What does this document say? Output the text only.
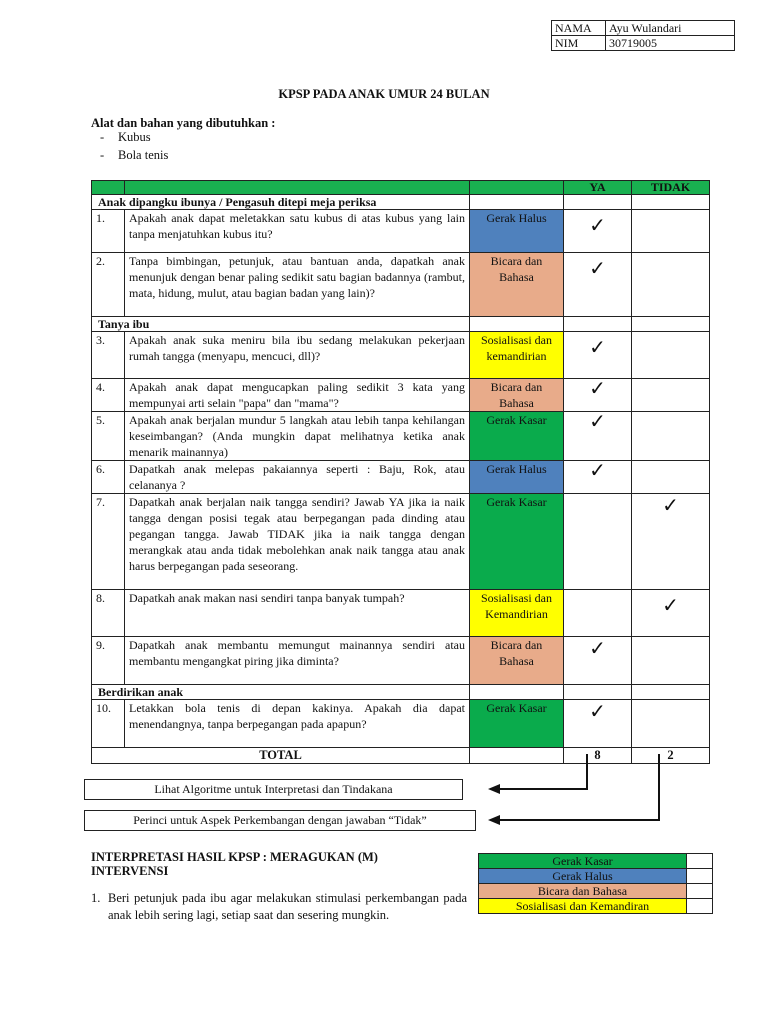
NAMA	Ayu Wulandari
NIM	30719005
KPSP PADA ANAK UMUR 24 BULAN
Alat dan bahan yang dibutuhkan :
- Kubus
- Bola tenis
			YA	TIDAK
Anak dipangku ibunya / Pengasuh ditepi meja periksa				
1.	Apakah anak dapat meletakkan satu kubus di atas kubus yang lain tanpa menjatuhkan kubus itu?	Gerak Halus	✓	
2.	Tanpa bimbingan, petunjuk, atau bantuan anda, dapatkah anak menunjuk dengan benar paling sedikit satu bagian badannya (rambut, mata, hidung, mulut, atau bagian badan yang lain)?	Bicara dan Bahasa	✓	
Tanya ibu				
3.	Apakah anak suka meniru bila ibu sedang melakukan pekerjaan rumah tangga (menyapu, mencuci, dll)?	Sosialisasi dan kemandirian	✓	
4.	Apakah anak dapat mengucapkan paling sedikit 3 kata yang mempunyai arti selain "papa" dan "mama"?	Bicara dan Bahasa	✓	
5.	Apakah anak berjalan mundur 5 langkah atau lebih tanpa kehilangan keseimbangan? (Anda mungkin dapat melihatnya ketika anak menarik mainannya)	Gerak Kasar	✓	
6.	Dapatkah anak melepas pakaiannya seperti : Baju, Rok, atau celananya ?	Gerak Halus	✓	
7.	Dapatkah anak berjalan naik tangga sendiri? Jawab YA jika ia naik tangga dengan posisi tegak atau berpegangan pada dinding atau pegangan tangga. Jawab TIDAK jika ia naik tangga dengan merangkak atau anda tidak mebolehkan anak naik tangga atau anak harus berpegangan pada seseorang.	Gerak Kasar		✓
8.	Dapatkah anak makan nasi sendiri tanpa banyak tumpah?	Sosialisasi dan Kemandirian		✓
9.	Dapatkah anak membantu memungut mainannya sendiri atau membantu mengangkat piring jika diminta?	Bicara dan Bahasa	✓	
Berdirikan anak				
10.	Letakkan bola tenis di depan kakinya. Apakah dia dapat menendangnya, tanpa berpegangan pada apapun?	Gerak Kasar	✓	
TOTAL			8	2
Lihat Algoritme untuk Interpretasi dan Tindakana
Perinci untuk Aspek Perkembangan dengan jawaban “Tidak”
INTERPRETASI HASIL KPSP : MERAGUKAN (M)
INTERVENSI
1. Beri petunjuk pada ibu agar melakukan stimulasi perkembangan pada anak lebih sering lagi, setiap saat dan sesering mungkin.
Gerak Kasar	
Gerak Halus	
Bicara dan Bahasa	
Sosialisasi dan Kemandiran	
